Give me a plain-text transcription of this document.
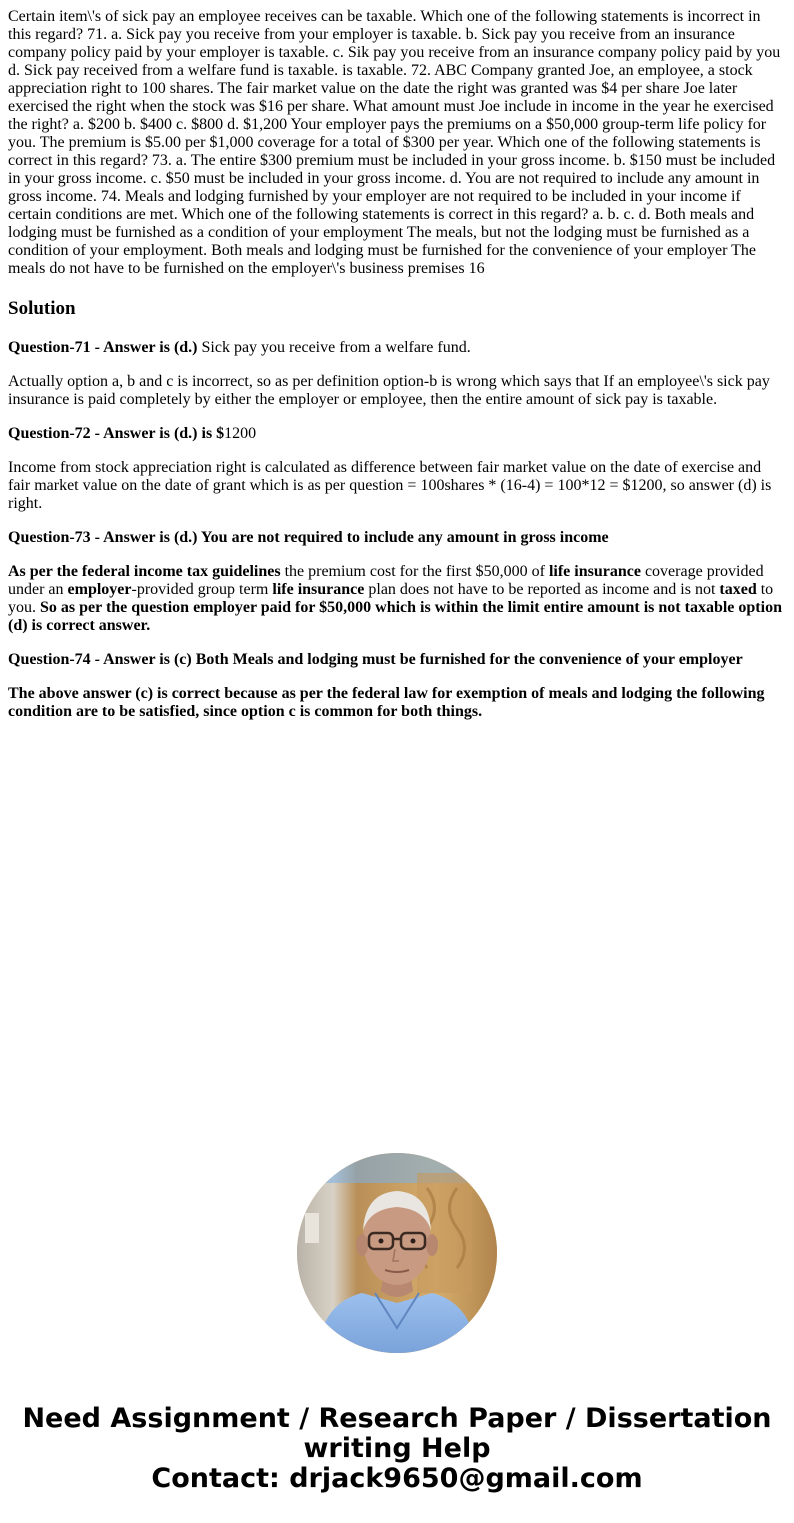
Certain item\'s of sick pay an employee receives can be taxable. Which one of the following statements is incorrect in this regard? 71. a. Sick pay you receive from your employer is taxable. b. Sick pay you receive from an insurance company policy paid by your employer is taxable. c. Sik pay you receive from an insurance company policy paid by you d. Sick pay received from a welfare fund is taxable. is taxable. 72. ABC Company granted Joe, an employee, a stock appreciation right to 100 shares. The fair market value on the date the right was granted was $4 per share Joe later exercised the right when the stock was $16 per share. What amount must Joe include in income in the year he exercised the right? a. $200 b. $400 c. $800 d. $1,200 Your employer pays the premiums on a $50,000 group-term life policy for you. The premium is $5.00 per $1,000 coverage for a total of $300 per year. Which one of the following statements is correct in this regard? 73. a. The entire $300 premium must be included in your gross income. b. $150 must be included in your gross income. c. $50 must be included in your gross income. d. You are not required to include any amount in gross income. 74. Meals and lodging furnished by your employer are not required to be included in your income if certain conditions are met. Which one of the following statements is correct in this regard? a. b. c. d. Both meals and lodging must be furnished as a condition of your employment The meals, but not the lodging must be furnished as a condition of your employment. Both meals and lodging must be furnished for the convenience of your employer The meals do not have to be furnished on the employer\'s business premises 16

Solution

Question-71 - Answer is (d.) Sick pay you receive from a welfare fund.

Actually option a, b and c is incorrect, so as per definition option-b is wrong which says that If an employee\'s sick pay insurance is paid completely by either the employer or employee, then the entire amount of sick pay is taxable.

Question-72 - Answer is (d.) is $1200

Income from stock appreciation right is calculated as difference between fair market value on the date of exercise and fair market value on the date of grant which is as per question = 100shares * (16-4) = 100*12 = $1200, so answer (d) is right.

Question-73 - Answer is (d.) You are not required to include any amount in gross income

As per the federal income tax guidelines the premium cost for the first $50,000 of life insurance coverage provided under an employer-provided group term life insurance plan does not have to be reported as income and is not taxed to you. So as per the question employer paid for $50,000 which is within the limit entire amount is not taxable option (d) is correct answer.

Question-74 - Answer is (c) Both Meals and lodging must be furnished for the convenience of your employer

The above answer (c) is correct because as per the federal law for exemption of meals and lodging the following condition are to be satisfied, since option c is common for both things.

Need Assignment / Research Paper / Dissertation
writing Help
Contact: drjack9650@gmail.com
